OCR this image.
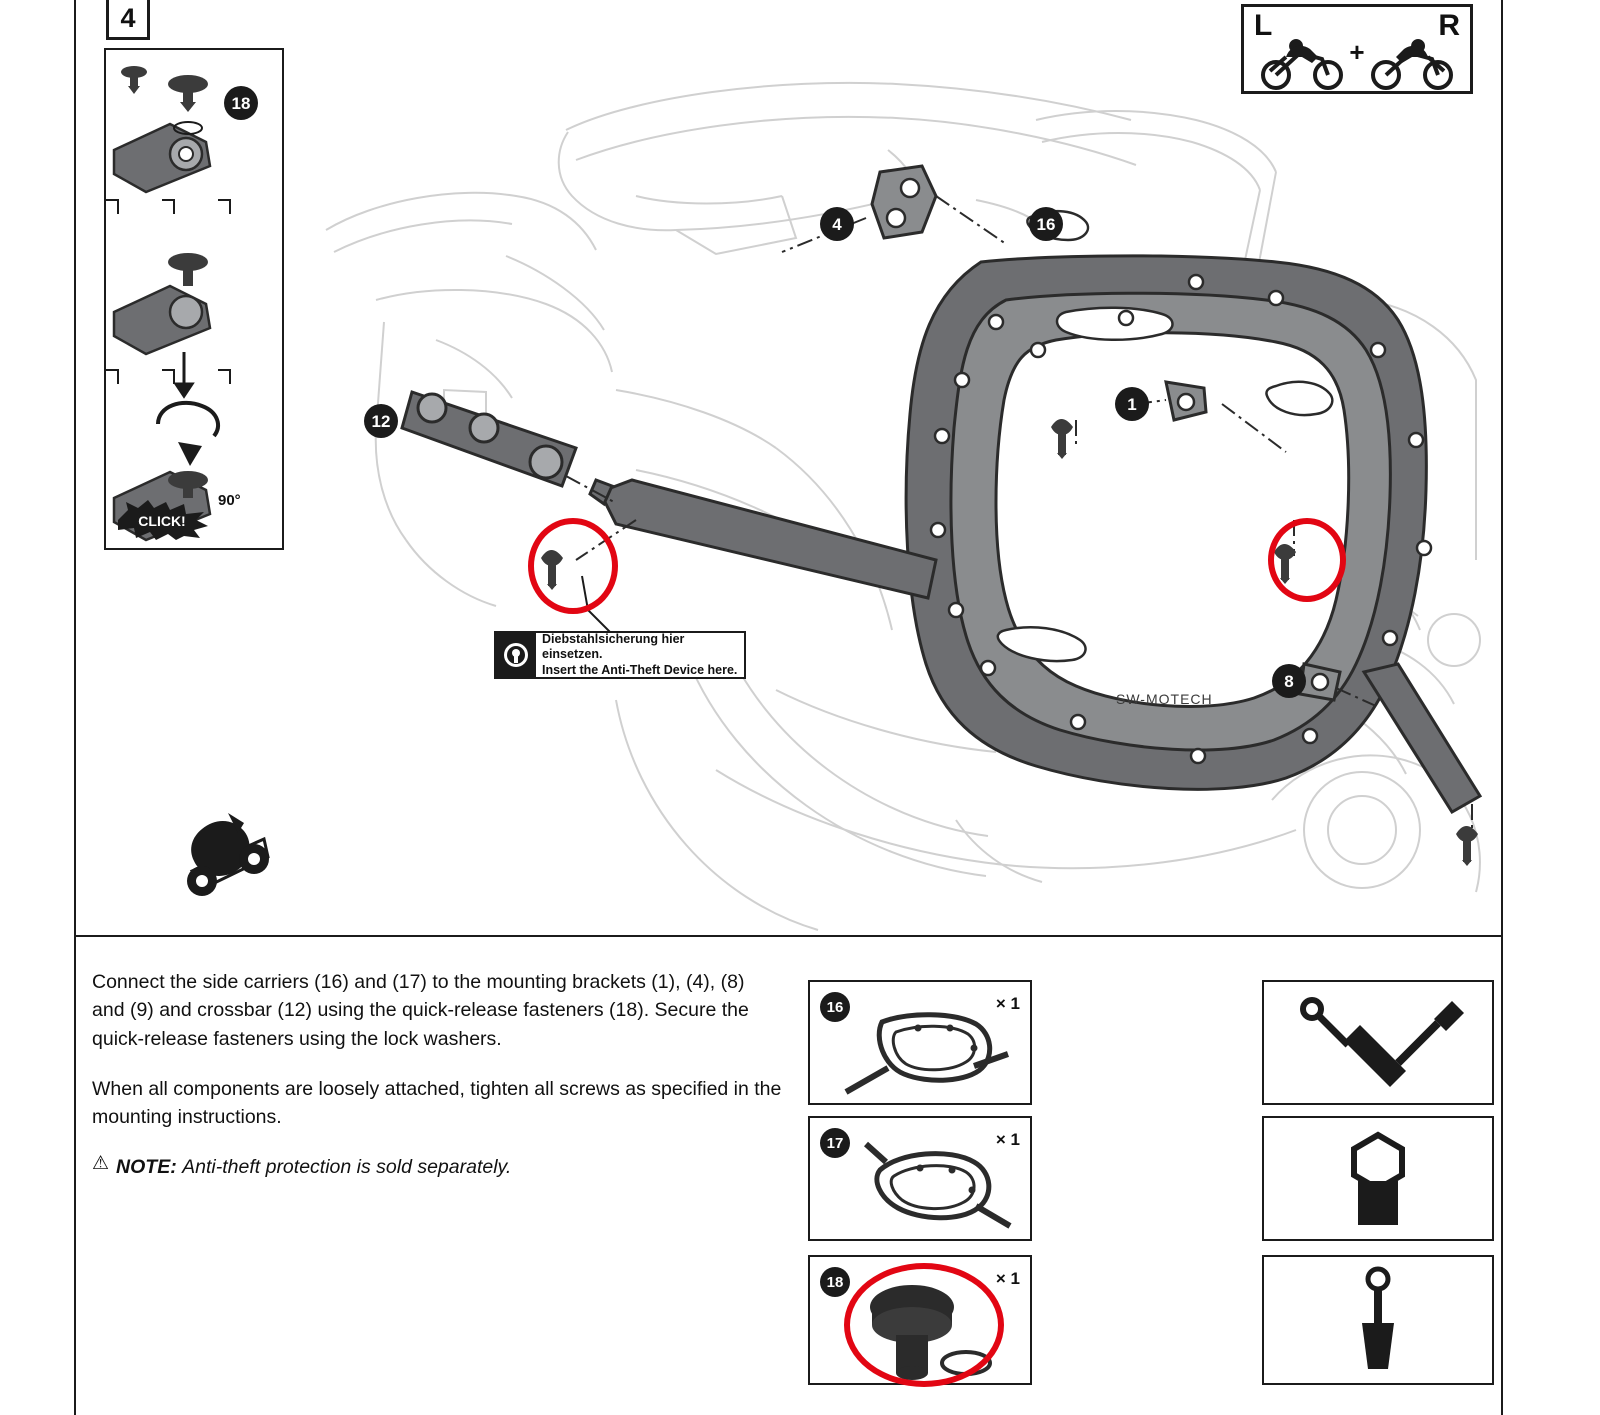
4
SW-MOTECH
4	16
1
12
8
Diebstahlsicherung hier einsetzen.
Insert the Anti-Theft Device here.
L	R
+
90°
CLICK!
18

Connect the side carriers (16) and (17) to the mounting brackets (1), (4), (8) and (9) and crossbar (12) using the quick-release fasteners (18). Secure the quick-release fasteners using the lock washers.

When all components are loosely attached, tighten all screws as specified in the mounting instructions.

⚠ NOTE: Anti-theft protection is sold separately.
16	× 1
17	× 1
18	× 1
